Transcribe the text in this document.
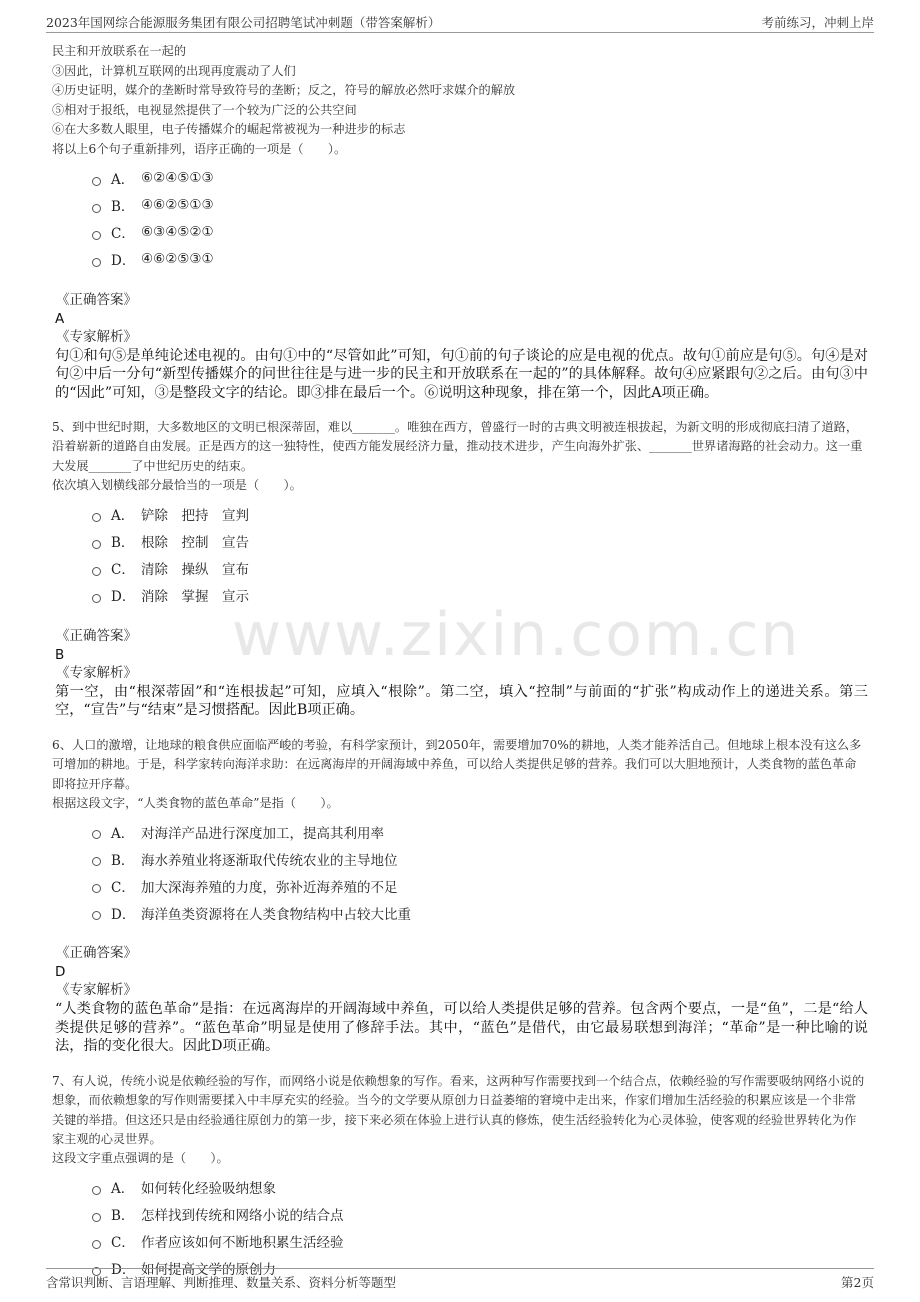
2023年国网综合能源服务集团有限公司招聘笔试冲刺题（带答案解析）	考前练习，冲刺上岸
www.zixin.com.cn
民主和开放联系在一起的
③因此，计算机互联网的出现再度震动了人们
④历史证明，媒介的垄断时常导致符号的垄断；反之，符号的解放必然吁求媒介的解放
⑤相对于报纸，电视显然提供了一个较为广泛的公共空间
⑥在大多数人眼里，电子传播媒介的崛起常被视为一种进步的标志
将以上6个句子重新排列，语序正确的一项是（　　）。
A． ⑥②④⑤①③
B． ④⑥②⑤①③
C． ⑥③④⑤②①
D． ④⑥②⑤③①
《正确答案》
A
《专家解析》

句①和句⑤是单纯论述电视的。由句①中的“尽管如此”可知，句①前的句子谈论的应是电视的优点。故句①前应是句⑤。句④是对句②中后一分句“新型传播媒介的问世往往是与进一步的民主和开放联系在一起的”的具体解释。故句④应紧跟句②之后。由句③中的“因此”可知，③是整段文字的结论。即③排在最后一个。⑥说明这种现象，排在第一个，因此A项正确。

5、到中世纪时期，大多数地区的文明已根深蒂固，难以_______。唯独在西方，曾盛行一时的古典文明被连根拔起，为新文明的形成彻底扫清了道路，沿着崭新的道路自由发展。正是西方的这一独特性，使西方能发展经济力量，推动技术进步，产生向海外扩张、_______世界诸海路的社会动力。这一重大发展_______了中世纪历史的结束。

依次填入划横线部分最恰当的一项是（　　）。

A． 铲除　把持　宣判
B． 根除　控制　宣告
C． 清除　操纵　宣布
D． 消除　掌握　宣示
《正确答案》
B
《专家解析》

第一空，由“根深蒂固”和“连根拔起”可知，应填入“根除”。第二空，填入“控制”与前面的“扩张”构成动作上的递进关系。第三空，“宣告”与“结束”是习惯搭配。因此B项正确。

6、人口的激增，让地球的粮食供应面临严峻的考验，有科学家预计，到2050年，需要增加70%的耕地，人类才能养活自己。但地球上根本没有这么多可增加的耕地。于是，科学家转向海洋求助：在远离海岸的开阔海域中养鱼，可以给人类提供足够的营养。我们可以大胆地预计，人类食物的蓝色革命即将拉开序幕。

根据这段文字，“人类食物的蓝色革命”是指（　　）。

A． 对海洋产品进行深度加工，提高其利用率
B． 海水养殖业将逐渐取代传统农业的主导地位
C． 加大深海养殖的力度，弥补近海养殖的不足
D． 海洋鱼类资源将在人类食物结构中占较大比重
《正确答案》
D
《专家解析》

“人类食物的蓝色革命”是指：在远离海岸的开阔海域中养鱼，可以给人类提供足够的营养。包含两个要点，一是“鱼”，二是“给人类提供足够的营养”。“蓝色革命”明显是使用了修辞手法。其中，“蓝色”是借代，由它最易联想到海洋；“革命”是一种比喻的说法，指的变化很大。因此D项正确。

7、有人说，传统小说是依赖经验的写作，而网络小说是依赖想象的写作。看来，这两种写作需要找到一个结合点，依赖经验的写作需要吸纳网络小说的想象，而依赖想象的写作则需要揉入中丰厚充实的经验。当今的文学要从原创力日益萎缩的窘境中走出来，作家们增加生活经验的积累应该是一个非常关键的举措。但这还只是由经验通往原创力的第一步，接下来必须在体验上进行认真的修炼，使生活经验转化为心灵体验，使客观的经验世界转化为作家主观的心灵世界。

这段文字重点强调的是（　　）。

A． 如何转化经验吸纳想象
B． 怎样找到传统和网络小说的结合点
C． 作者应该如何不断地积累生活经验
D． 如何提高文学的原创力
含常识判断、言语理解、判断推理、数量关系、资料分析等题型	第2页
